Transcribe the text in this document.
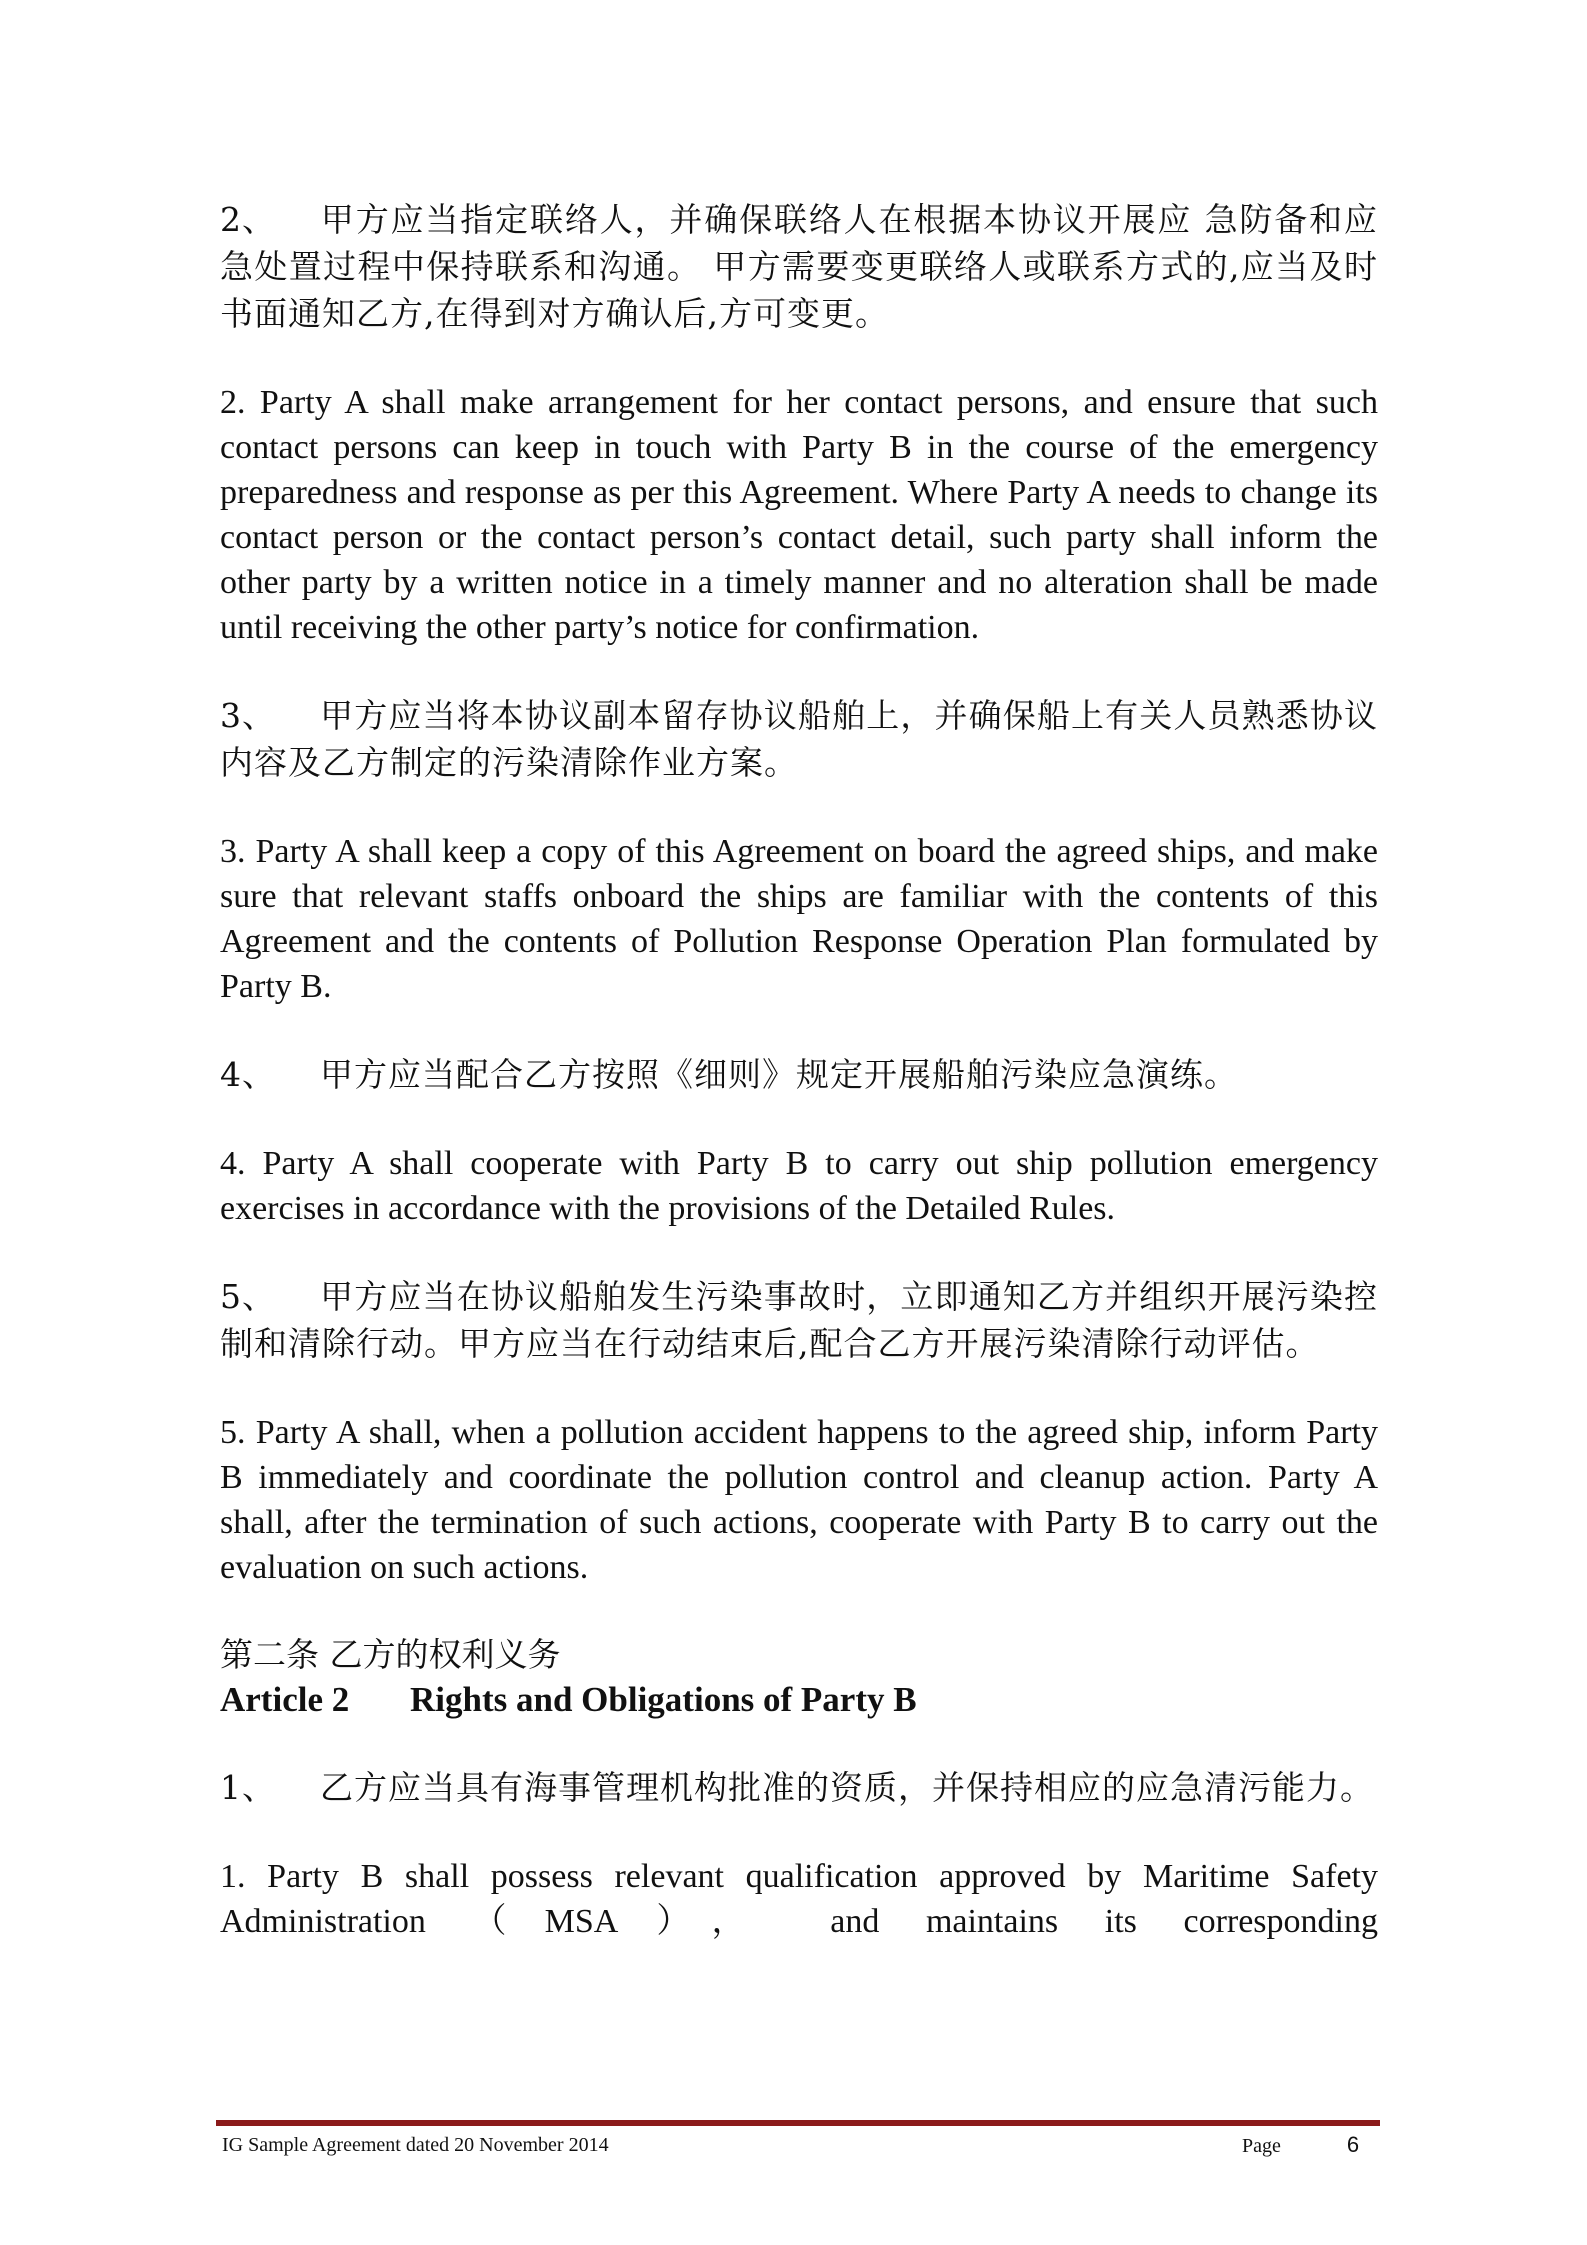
2、 甲方应当指定联络人，并确保联络人在根据本协议开展应 急防备和应急处置过程中保持联系和沟通。 甲方需要变更联络人或联系方式的,应当及时书面通知乙方,在得到对方确认后,方可变更。

2. Party A shall make arrangement for her contact persons, and ensure that such contact persons can keep in touch with Party B in the course of the emergency preparedness and response as per this Agreement. Where Party A needs to change its contact person or the contact person’s contact detail, such party shall inform the other party by a written notice in a timely manner and no alteration shall be made until receiving the other party’s notice for confirmation.

3、 甲方应当将本协议副本留存协议船舶上，并确保船上有关人员熟悉协议内容及乙方制定的污染清除作业方案。

3. Party A shall keep a copy of this Agreement on board the agreed ships, and make sure that relevant staffs onboard the ships are familiar with the contents of this Agreement and the contents of Pollution Response Operation Plan formulated by Party B.

4、 甲方应当配合乙方按照《细则》规定开展船舶污染应急演练。

4. Party A shall cooperate with Party B to carry out ship pollution emergency exercises in accordance with the provisions of the Detailed Rules.

5、 甲方应当在协议船舶发生污染事故时，立即通知乙方并组织开展污染控制和清除行动。甲方应当在行动结束后,配合乙方开展污染清除行动评估。

5. Party A shall, when a pollution accident happens to the agreed ship, inform Party B immediately and coordinate the pollution control and cleanup action. Party A shall, after the termination of such actions, cooperate with Party B to carry out the evaluation on such actions.

第二条 乙方的权利义务

Article 2 Rights and Obligations of Party B

1、 乙方应当具有海事管理机构批准的资质，并保持相应的应急清污能力。

1. Party B shall possess relevant qualification approved by Maritime Safety Administration （MSA）， and maintains its corresponding

IG Sample Agreement dated 20 November 2014	Page	6
